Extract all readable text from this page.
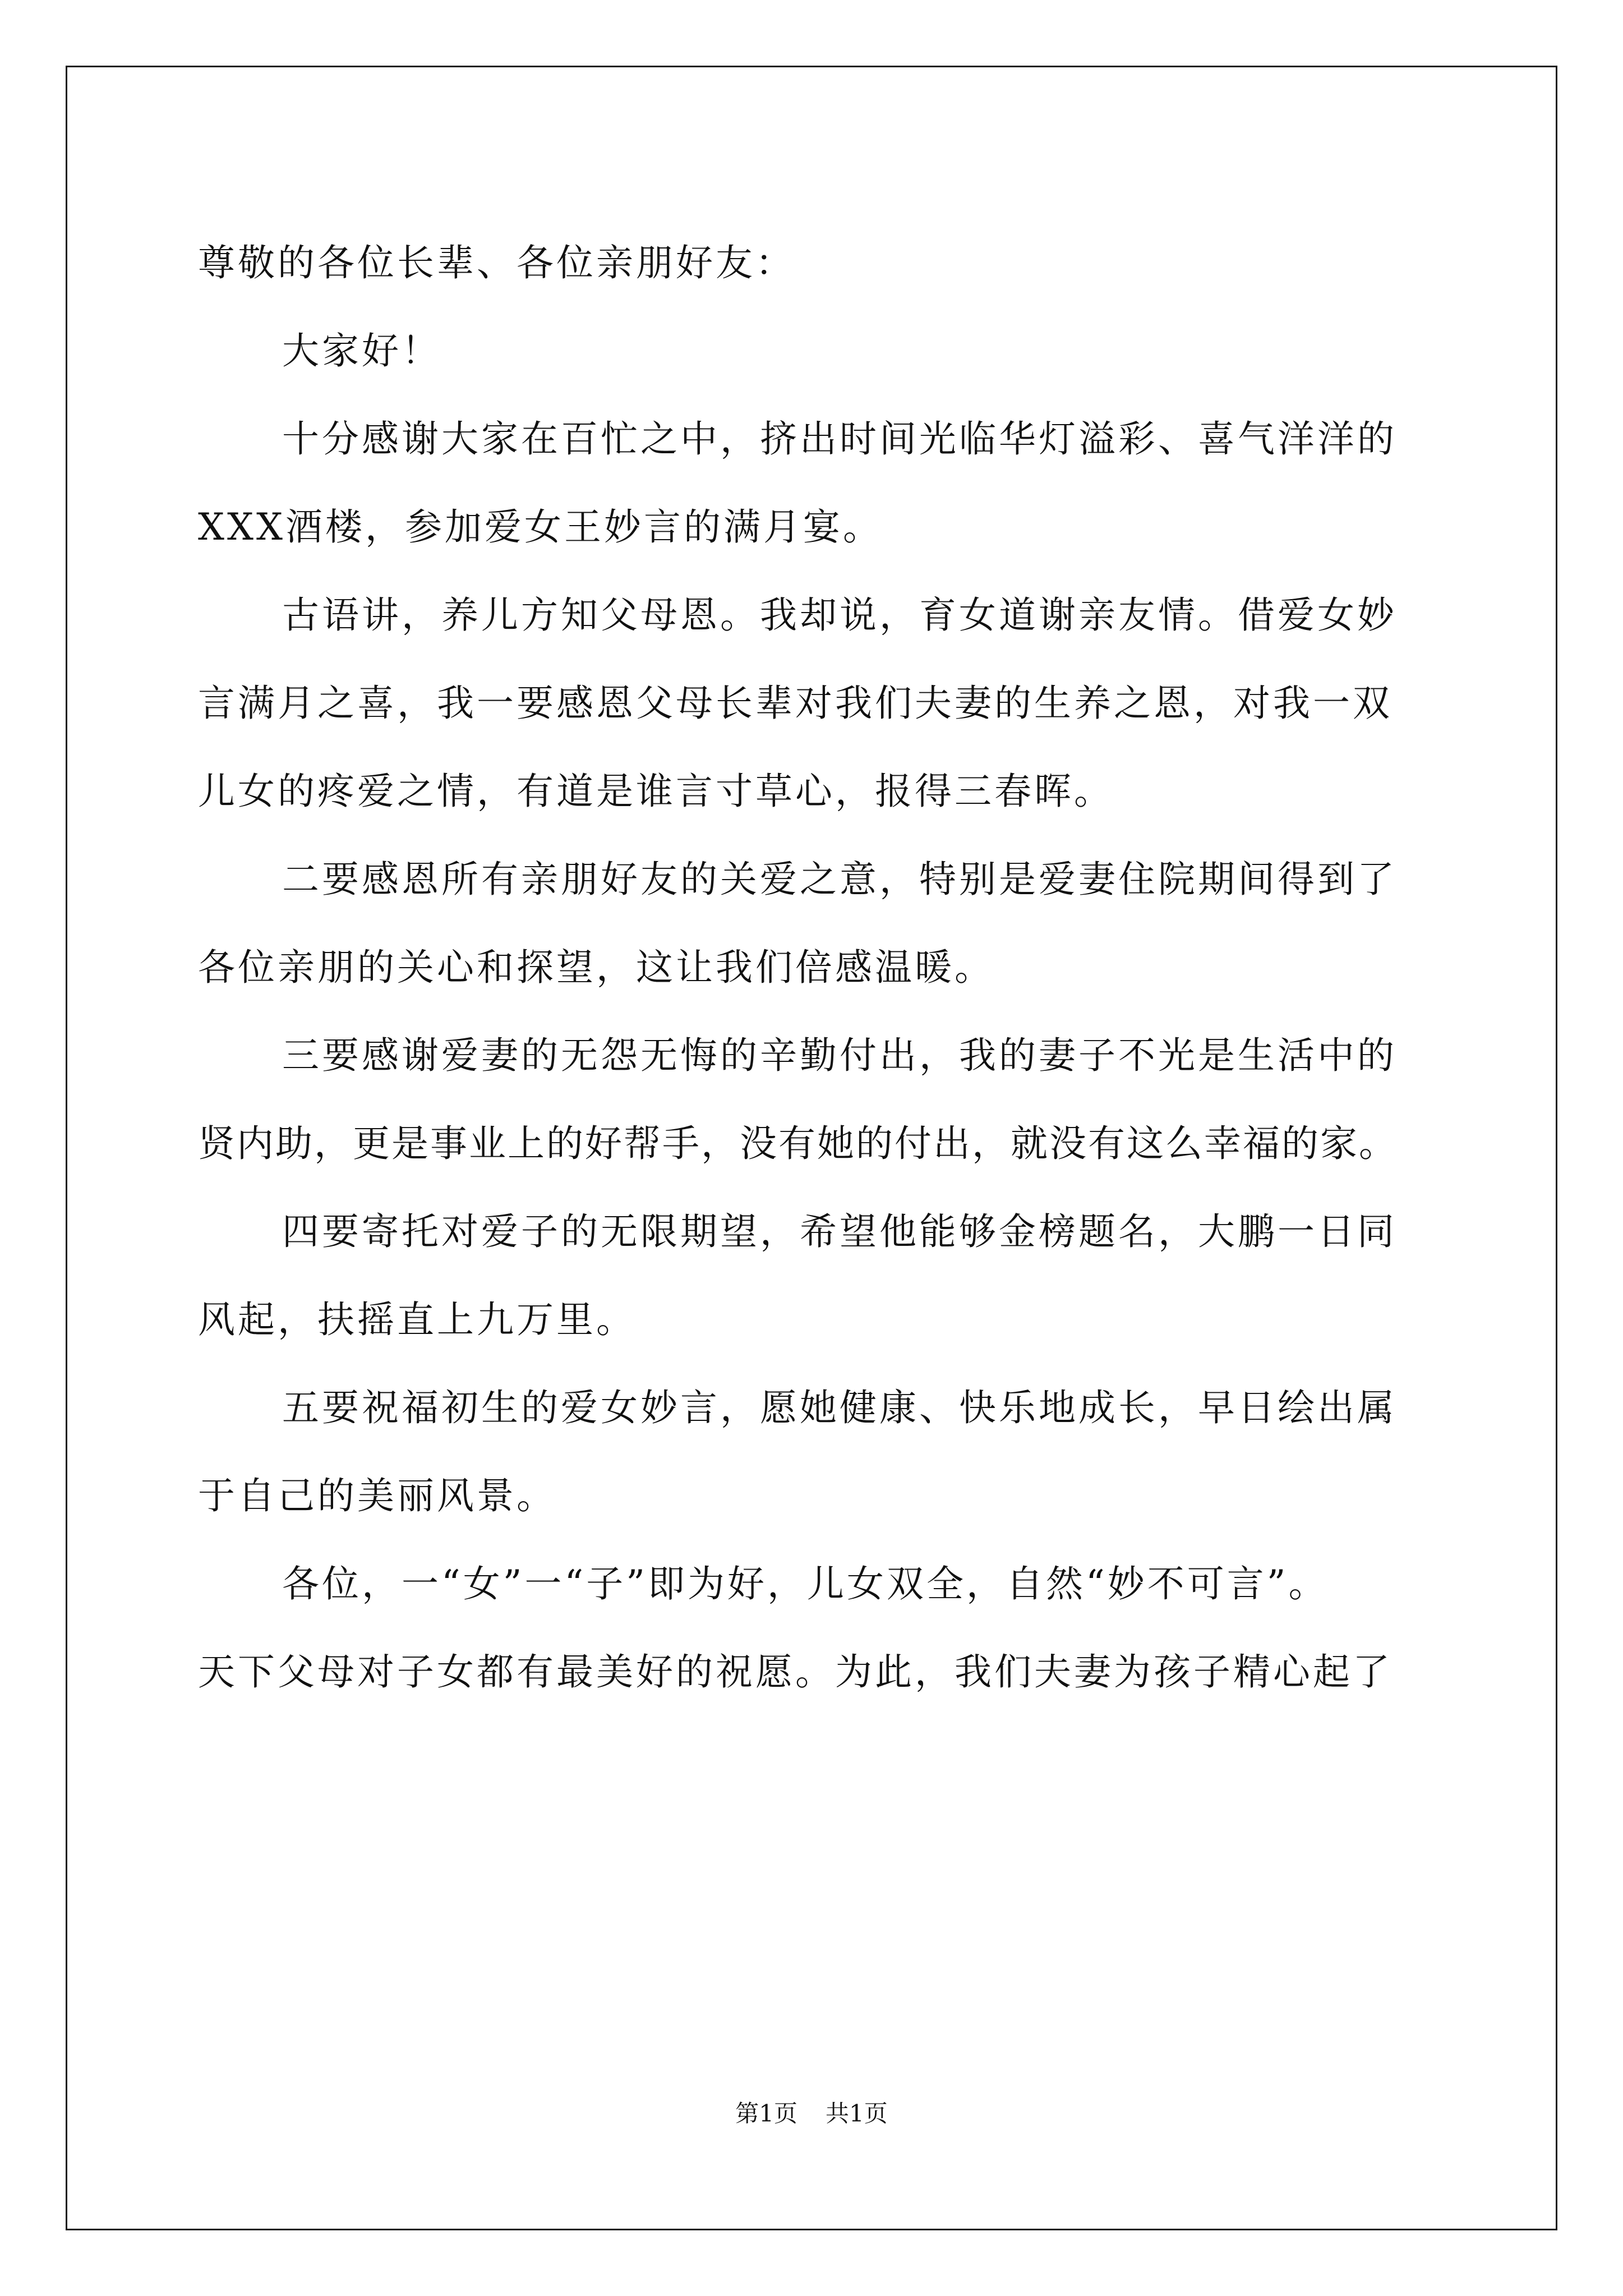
尊敬的各位长辈、各位亲朋好友：
大家好！
十分感谢大家在百忙之中，挤出时间光临华灯溢彩、喜气洋洋的
XXX酒楼，参加爱女王妙言的满月宴。
古语讲，养儿方知父母恩。我却说，育女道谢亲友情。借爱女妙
言满月之喜，我一要感恩父母长辈对我们夫妻的生养之恩，对我一双
儿女的疼爱之情，有道是谁言寸草心，报得三春晖。
二要感恩所有亲朋好友的关爱之意，特别是爱妻住院期间得到了
各位亲朋的关心和探望，这让我们倍感温暖。
三要感谢爱妻的无怨无悔的辛勤付出，我的妻子不光是生活中的
贤内助，更是事业上的好帮手，没有她的付出，就没有这么幸福的家。
四要寄托对爱子的无限期望，希望他能够金榜题名，大鹏一日同
风起，扶摇直上九万里。
五要祝福初生的爱女妙言，愿她健康、快乐地成长，早日绘出属
于自己的美丽风景。
各位，一“女”一“子”即为好，儿女双全，自然“妙不可言”。
天下父母对子女都有最美好的祝愿。为此，我们夫妻为孩子精心起了
第1页 共1页
